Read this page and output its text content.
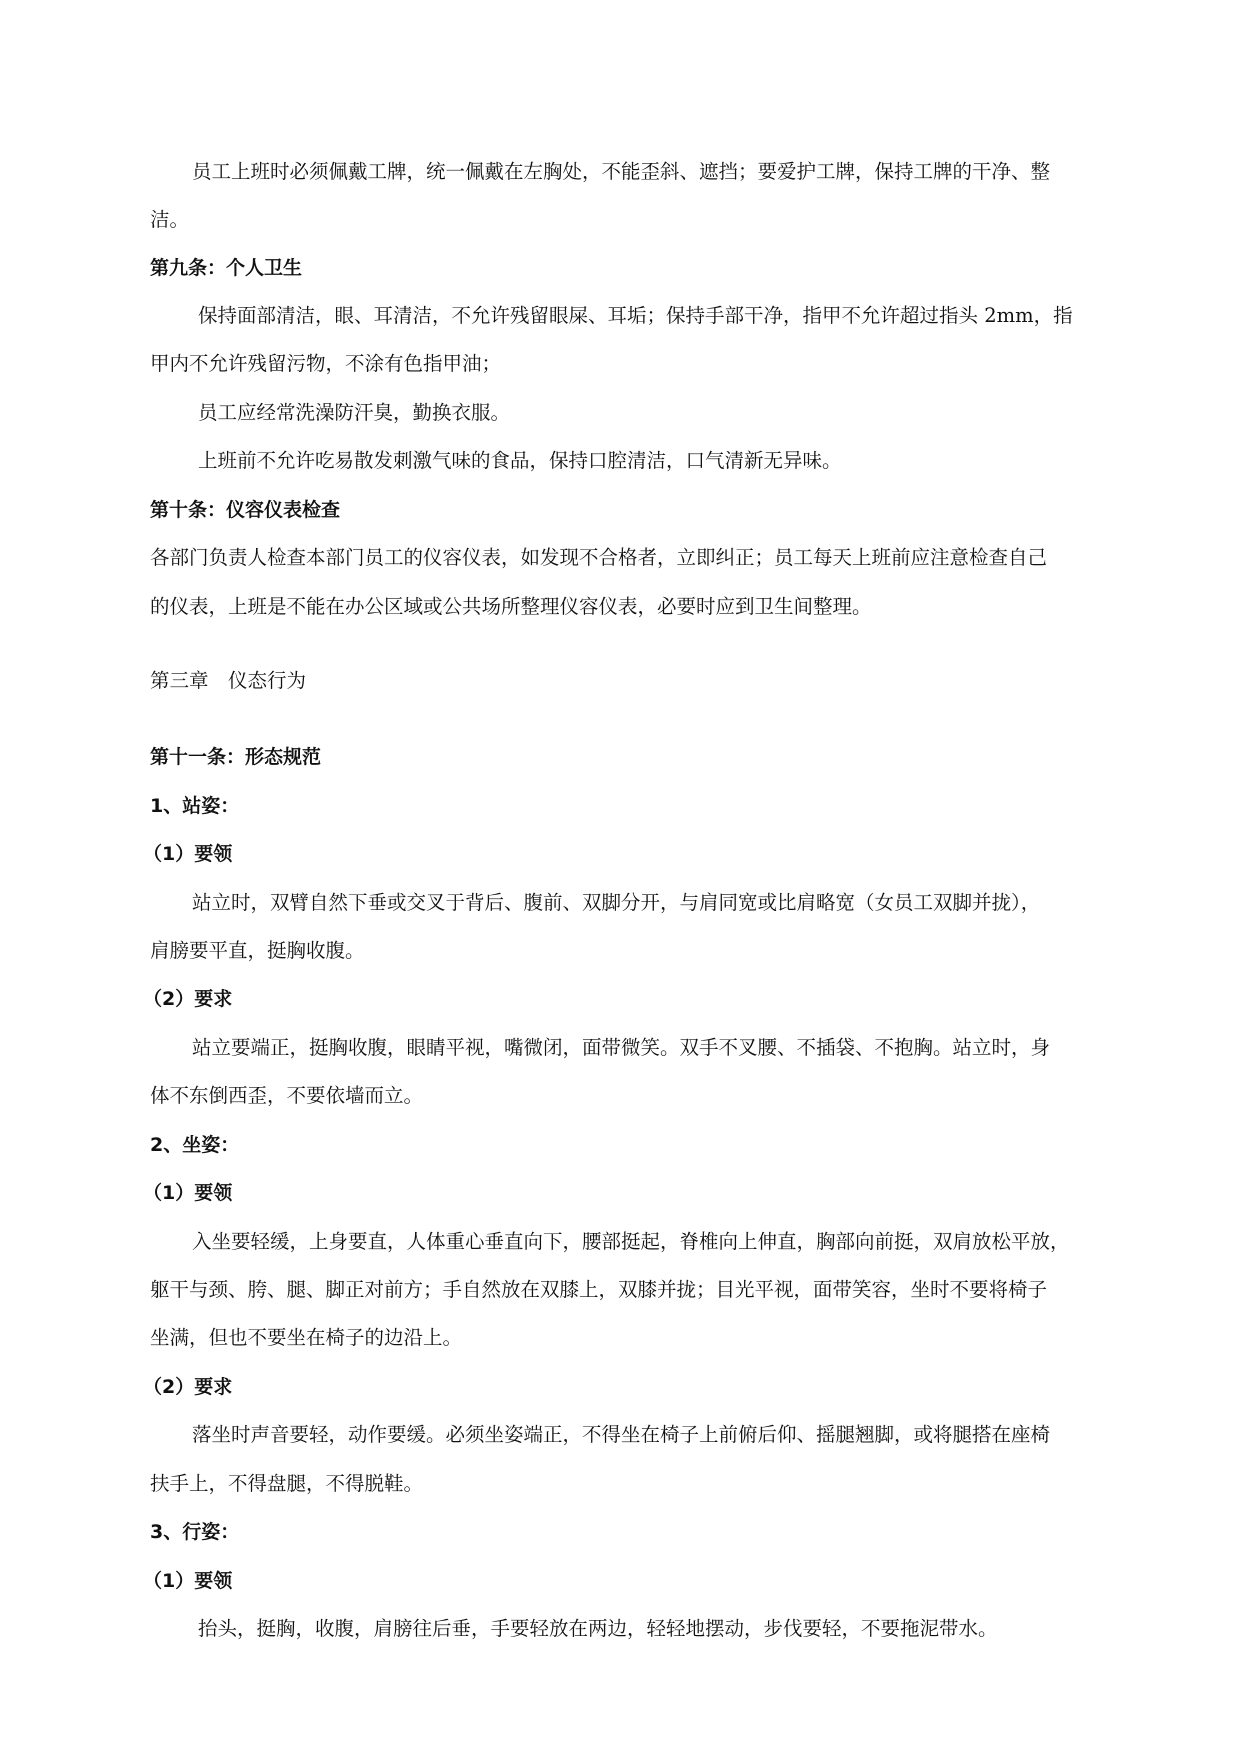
员工上班时必须佩戴工牌，统一佩戴在左胸处，不能歪斜、遮挡；要爱护工牌，保持工牌的干净、整
洁。
第九条：个人卫生
保持面部清洁，眼、耳清洁，不允许残留眼屎、耳垢；保持手部干净，指甲不允许超过指头 2mm，指
甲内不允许残留污物，不涂有色指甲油；
员工应经常洗澡防汗臭，勤换衣服。
上班前不允许吃易散发刺激气味的食品，保持口腔清洁，口气清新无异味。
第十条：仪容仪表检查
各部门负责人检查本部门员工的仪容仪表，如发现不合格者，立即纠正；员工每天上班前应注意检查自己
的仪表，上班是不能在办公区域或公共场所整理仪容仪表，必要时应到卫生间整理。
第三章　仪态行为
第十一条：形态规范
1、站姿：
（1）要领
站立时，双臂自然下垂或交叉于背后、腹前、双脚分开，与肩同宽或比肩略宽（女员工双脚并拢），
肩膀要平直，挺胸收腹。
（2）要求
站立要端正，挺胸收腹，眼睛平视，嘴微闭，面带微笑。双手不叉腰、不插袋、不抱胸。站立时，身
体不东倒西歪，不要依墙而立。
2、坐姿：
（1）要领
入坐要轻缓，上身要直，人体重心垂直向下，腰部挺起，脊椎向上伸直，胸部向前挺，双肩放松平放，
躯干与颈、胯、腿、脚正对前方；手自然放在双膝上，双膝并拢；目光平视，面带笑容，坐时不要将椅子
坐满，但也不要坐在椅子的边沿上。
（2）要求
落坐时声音要轻，动作要缓。必须坐姿端正，不得坐在椅子上前俯后仰、摇腿翘脚，或将腿搭在座椅
扶手上，不得盘腿，不得脱鞋。
3、行姿：
（1）要领
抬头，挺胸，收腹，肩膀往后垂，手要轻放在两边，轻轻地摆动，步伐要轻，不要拖泥带水。
